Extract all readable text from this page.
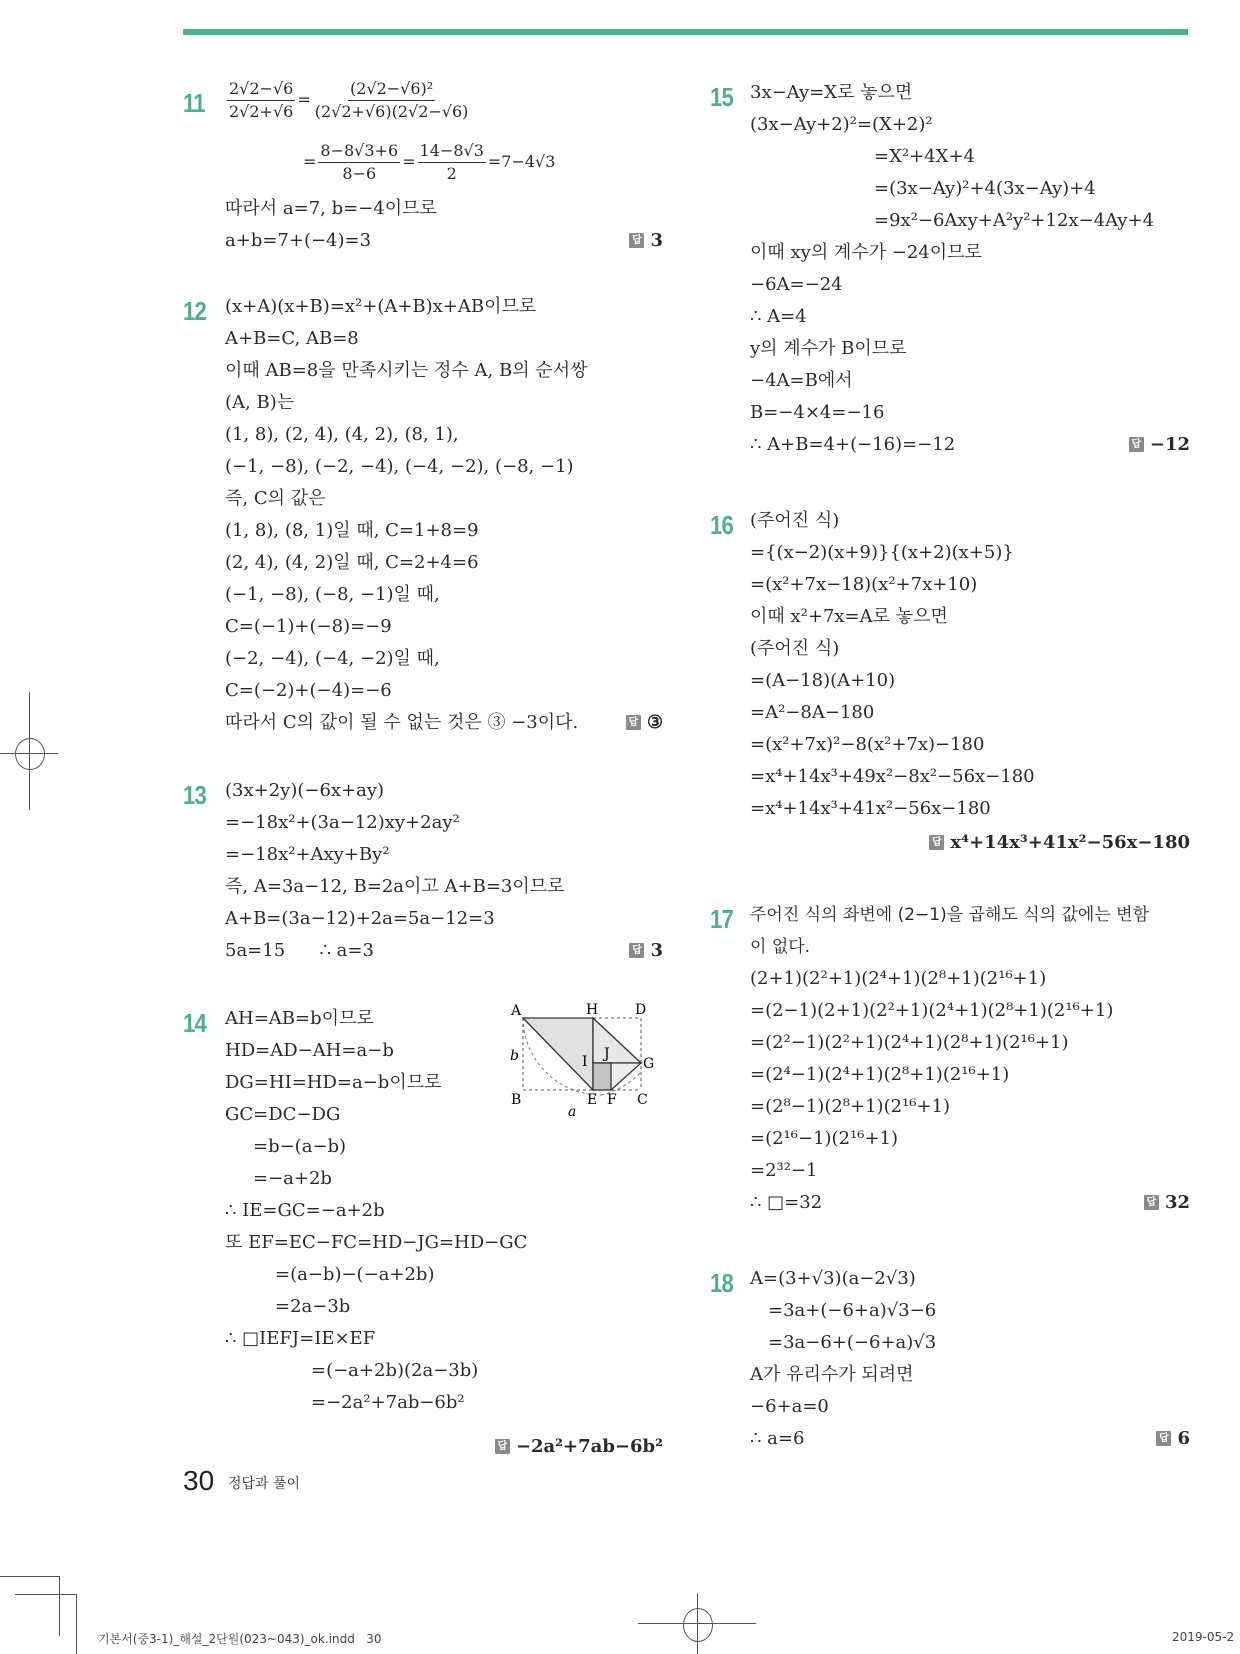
$11 \frac{2√2-√6}{2√2+√6} = \frac{\text{(2√2−√6)²}}{(2√2+√6)(2√2-√6)}$
= $\frac{8-8√3+6}{8-6} = \frac{14-8√3}{2} =7-4√3$
따라서 a=7, b=−4이므로
a+b=7+(−4)=3	답 3
12 (x+A)(x+B)=x²+(A+B)x+AB이므로
A+B=C, AB=8
이때 AB=8을 만족시키는 정수 A, B의 순서쌍
(A, B)는
(1, 8), (2, 4), (4, 2), (8, 1),
(−1, −8), (−2, −4), (−4, −2), (−8, −1)
즉, C의 값은
(1, 8), (8, 1)일 때, C=1+8=9
(2, 4), (4, 2)일 때, C=2+4=6
(−1, −8), (−8, −1)일 때,
C=(−1)+(−8)=−9
(−2, −4), (−4, −2)일 때,
C=(−2)+(−4)=−6
따라서 C의 값이 될 수 없는 것은 ③ −3이다.	답 ③
13 (3x+2y)(−6x+ay)
=−18x²+(3a−12)xy+2ay²
=−18x²+Axy+By²
즉, A=3a−12, B=2a이고 A+B=3이므로
A+B=(3a−12)+2a=5a−12=3
5a=15      ∴ a=3	답 3
14 AH=AB=b이므로
HD=AD−AH=a−b
DG=HI=HD=a−b이므로
GC=DC−DG
=b−(a−b)
=−a+2b
∴ IE=GC=−a+2b
또 EF=EC−FC=HD−JG=HD−GC
=(a−b)−(−a+2b)
=2a−3b
∴ □IEFJ=IE×EF
=(−a+2b)(2a−3b)
=−2a²+7ab−6b²
답 −2a²+7ab−6b²
A	H	D
b	I J
G
B	E F C
a
15 3x−Ay=X로 놓으면
(3x−Ay+2)²=(X+2)²
=X²+4X+4
=(3x−Ay)²+4(3x−Ay)+4
=9x²−6Axy+A²y²+12x−4Ay+4
이때 xy의 계수가 −24이므로
−6A=−24
∴ A=4
y의 계수가 B이므로
−4A=B에서
B=−4×4=−16
∴ A+B=4+(−16)=−12	답 −12
16 (주어진 식)
={(x−2)(x+9)}{(x+2)(x+5)}
=(x²+7x−18)(x²+7x+10)
이때 x²+7x=A로 놓으면
(주어진 식)
=(A−18)(A+10)
=A²−8A−180
=(x²+7x)²−8(x²+7x)−180
=x⁴+14x³+49x²−8x²−56x−180
=x⁴+14x³+41x²−56x−180
답 x⁴+14x³+41x²−56x−180
17 주어진 식의 좌변에 (2−1)을 곱해도 식의 값에는 변함
이 없다.
(2+1)(2²+1)(2⁴+1)(2⁸+1)(2¹⁶+1)
=(2−1)(2+1)(2²+1)(2⁴+1)(2⁸+1)(2¹⁶+1)
=(2²−1)(2²+1)(2⁴+1)(2⁸+1)(2¹⁶+1)
=(2⁴−1)(2⁴+1)(2⁸+1)(2¹⁶+1)
=(2⁸−1)(2⁸+1)(2¹⁶+1)
=(2¹⁶−1)(2¹⁶+1)
=2³²−1
∴ □=32	답 32
18 A=(3+√3)(a−2√3)
=3a+(−6+a)√3−6
=3a−6+(−6+a)√3
A가 유리수가 되려면
−6+a=0
∴ a=6	답 6
30 정답과 풀이
기본서(중3-1)_해설_2단원(023~043)_ok.indd   30	2019-05-2
